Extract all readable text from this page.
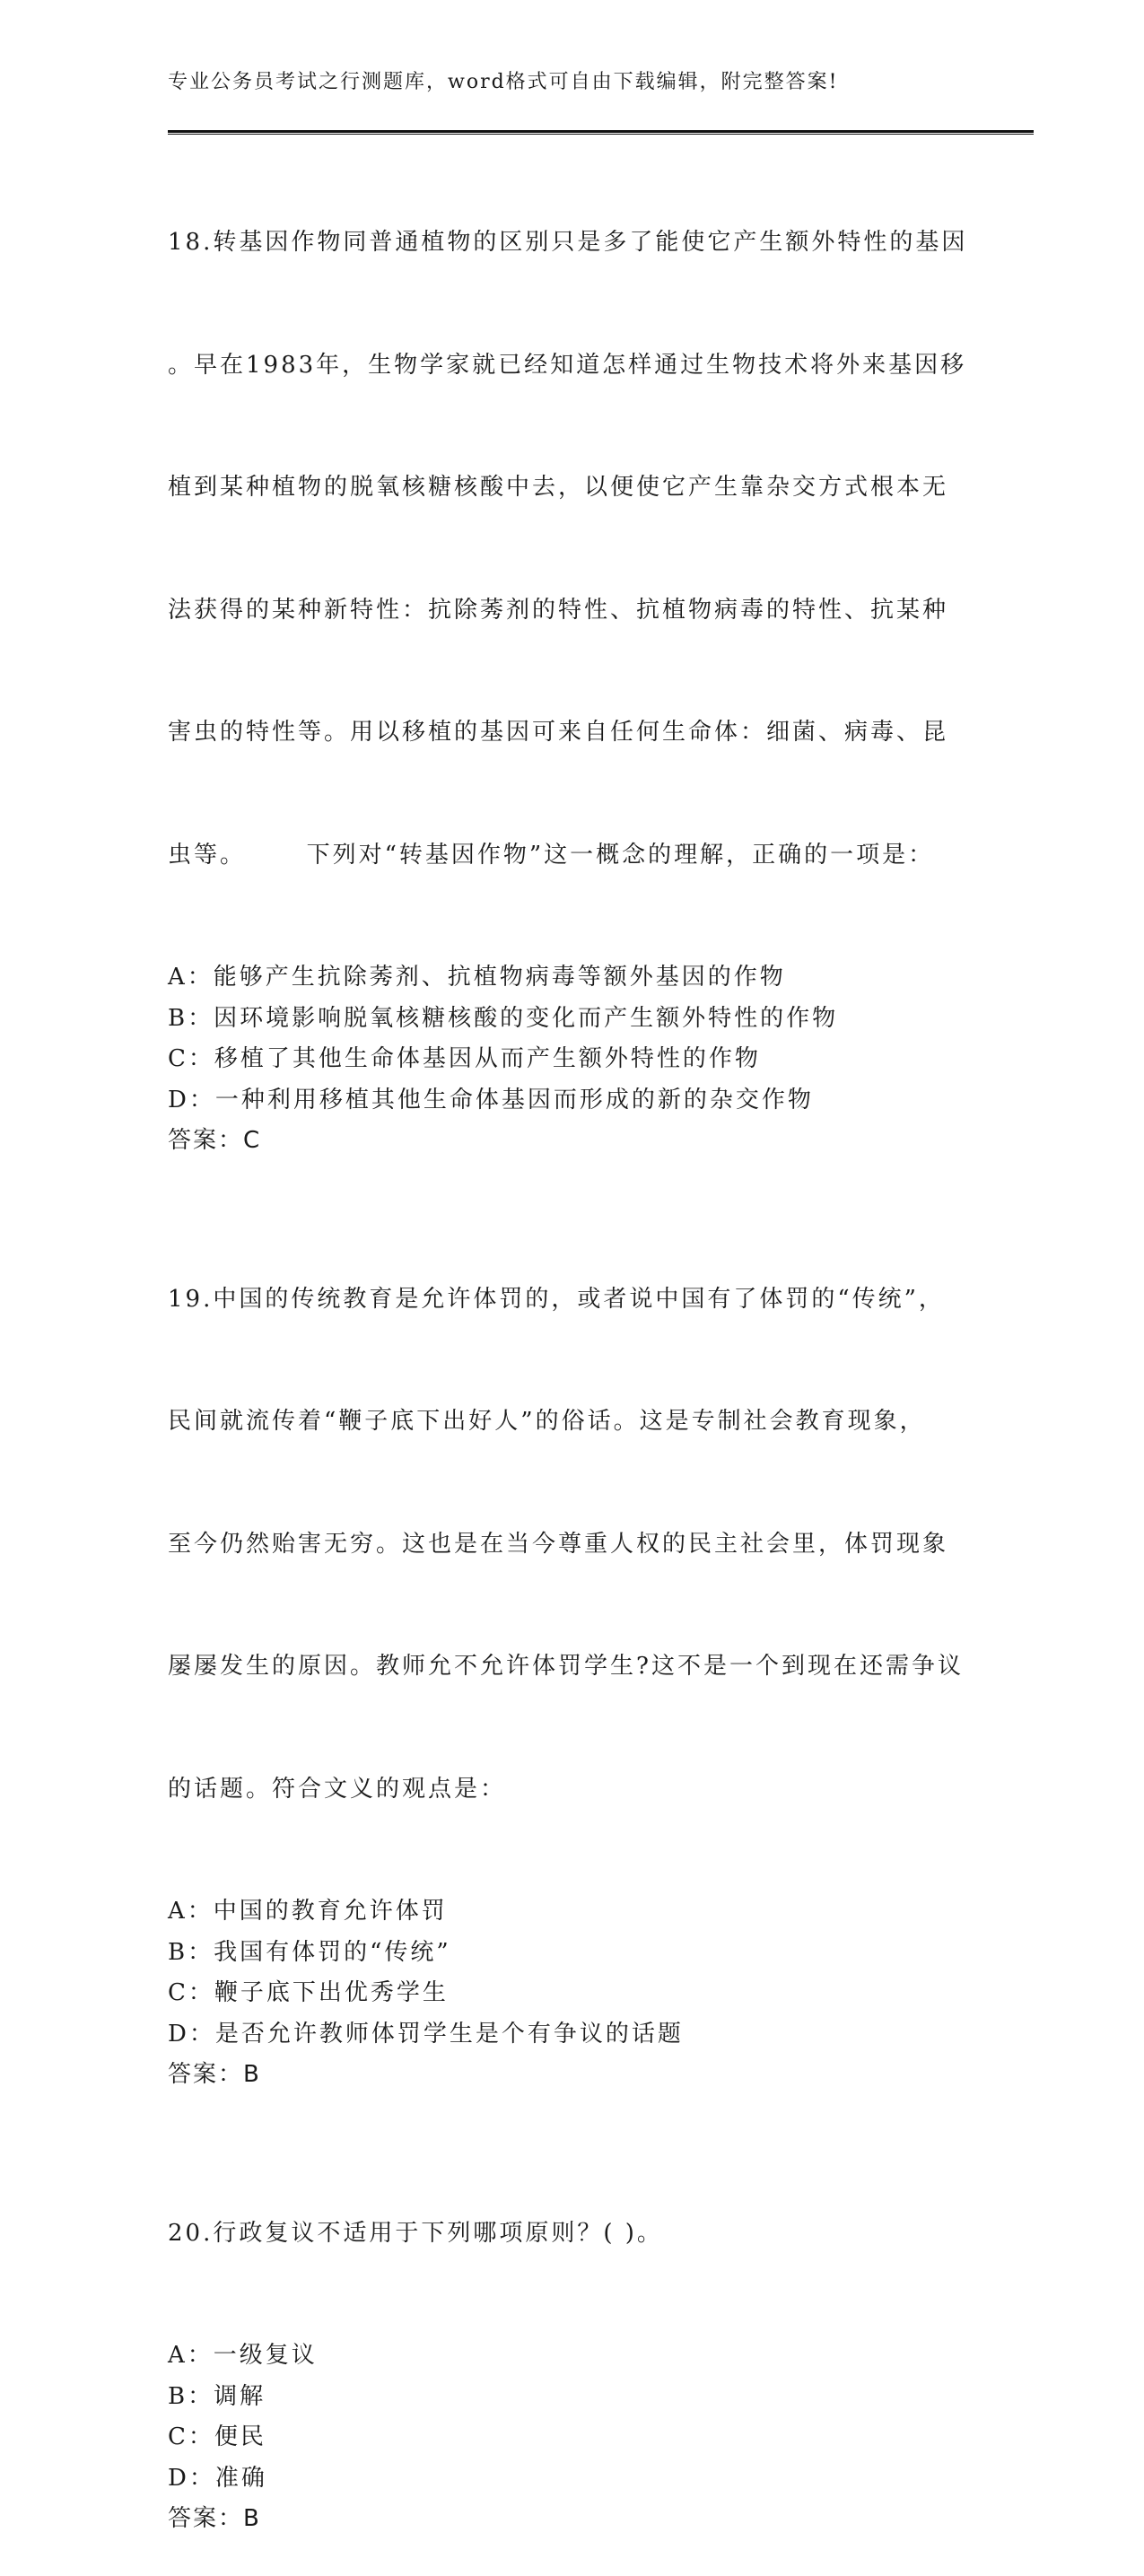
专业公务员考试之行测题库，word格式可自由下载编辑，附完整答案!

18.转基因作物同普通植物的区别只是多了能使它产生额外特性的基因

。早在1983年，生物学家就已经知道怎样通过生物技术将外来基因移

植到某种植物的脱氧核糖核酸中去，以便使它产生靠杂交方式根本无

法获得的某种新特性：抗除莠剂的特性、抗植物病毒的特性、抗某种

害虫的特性等。用以移植的基因可来自任何生命体：细菌、病毒、昆

虫等。      下列对“转基因作物”这一概念的理解，正确的一项是：

A：能够产生抗除莠剂、抗植物病毒等额外基因的作物
B：因环境影响脱氧核糖核酸的变化而产生额外特性的作物
C：移植了其他生命体基因从而产生额外特性的作物
D：一种利用移植其他生命体基因而形成的新的杂交作物
答案：C

19.中国的传统教育是允许体罚的，或者说中国有了体罚的“传统”，

民间就流传着“鞭子底下出好人”的俗话。这是专制社会教育现象，

至今仍然贻害无穷。这也是在当今尊重人权的民主社会里，体罚现象

屡屡发生的原因。教师允不允许体罚学生?这不是一个到现在还需争议

的话题。符合文义的观点是：

A：中国的教育允许体罚
B：我国有体罚的“传统”
C：鞭子底下出优秀学生
D：是否允许教师体罚学生是个有争议的话题
答案：B

20.行政复议不适用于下列哪项原则？( )。

A：一级复议
B：调解
C：便民
D：准确
答案：B
